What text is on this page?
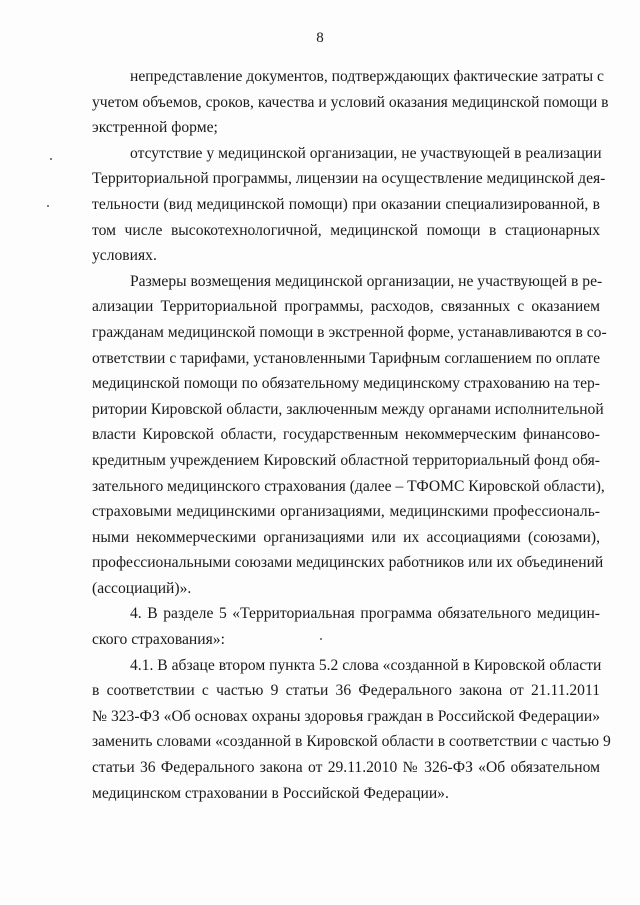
8
непредставление документов, подтверждающих фактические затраты с
учетом объемов, сроков, качества и условий оказания медицинской помощи в
экстренной форме;
отсутствие у медицинской организации, не участвующей в реализации
Территориальной программы, лицензии на осуществление медицинской дея-
тельности (вид медицинской помощи) при оказании специализированной, в
том числе высокотехнологичной, медицинской помощи в стационарных
условиях.
Размеры возмещения медицинской организации, не участвующей в ре-
ализации Территориальной программы, расходов, связанных с оказанием
гражданам медицинской помощи в экстренной форме, устанавливаются в со-
ответствии с тарифами, установленными Тарифным соглашением по оплате
медицинской помощи по обязательному медицинскому страхованию на тер-
ритории Кировской области, заключенным между органами исполнительной
власти Кировской области, государственным некоммерческим финансово-
кредитным учреждением Кировский областной территориальный фонд обя-
зательного медицинского страхования (далее – ТФОМС Кировской области),
страховыми медицинскими организациями, медицинскими профессиональ-
ными некоммерческими организациями или их ассоциациями (союзами),
профессиональными союзами медицинских работников или их объединений
(ассоциаций)».
4. В разделе 5 «Территориальная программа обязательного медицин-
ского страхования»:
4.1. В абзаце втором пункта 5.2 слова «созданной в Кировской области
в соответствии с частью 9 статьи 36 Федерального закона от 21.11.2011
№ 323-ФЗ «Об основах охраны здоровья граждан в Российской Федерации»
заменить словами «созданной в Кировской области в соответствии с частью 9
статьи 36 Федерального закона от 29.11.2010 № 326-ФЗ «Об обязательном
медицинском страховании в Российской Федерации».
